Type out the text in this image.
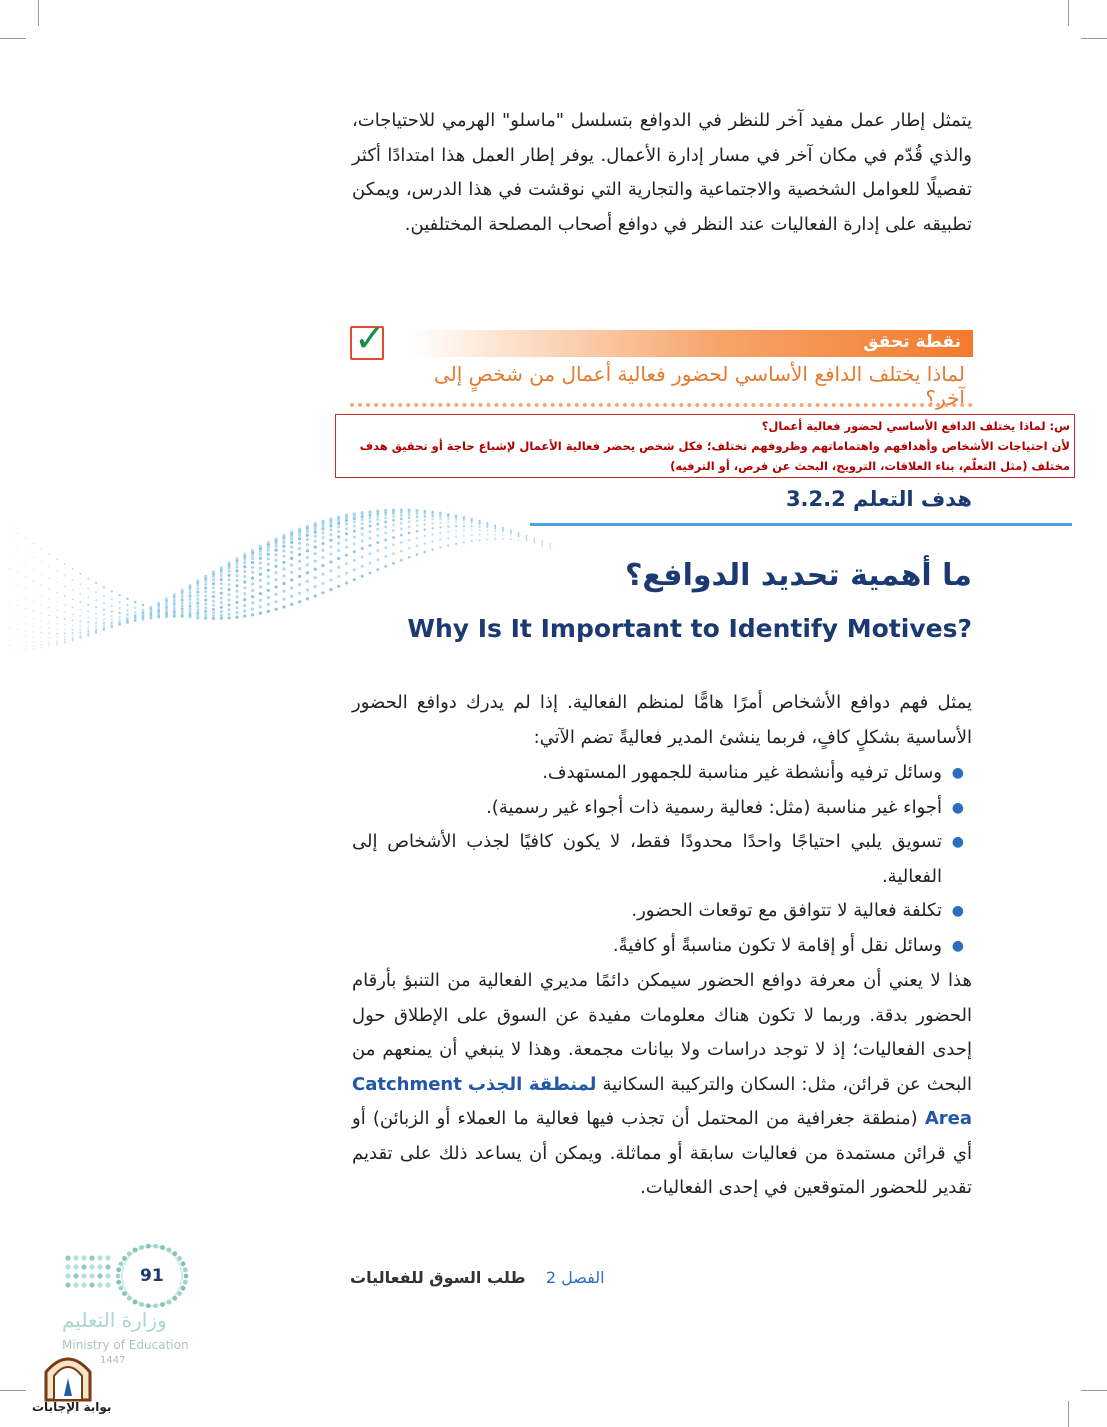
يتمثل إطار عمل مفيد آخر للنظر في الدوافع بتسلسل "ماسلو" الهرمي للاحتياجات، والذي قُدّم في مكان آخر في مسار إدارة الأعمال. يوفر إطار العمل هذا امتدادًا أكثر تفصيلًا للعوامل الشخصية والاجتماعية والتجارية التي نوقشت في هذا الدرس، ويمكن تطبيقه على إدارة الفعاليات عند النظر في دوافع أصحاب المصلحة المختلفين.

✓	نقطة تحقق
لماذا يختلف الدافع الأساسي لحضور فعالية أعمال من شخصٍ إلى آخر؟
س: لماذا يختلف الدافع الأساسي لحضور فعالية أعمال؟
لأن احتياجات الأشخاص وأهدافهم واهتماماتهم وظروفهم تختلف؛ فكل شخص يحضر فعالية الأعمال لإشباع حاجة أو تحقيق هدف مختلف (مثل التعلّم، بناء العلاقات، الترويج، البحث عن فرص، أو الترفيه)
هدف التعلم 3.2.2
ما أهمية تحديد الدوافع؟
Why Is It Important to Identify Motives?

يمثل فهم دوافع الأشخاص أمرًا هامًّا لمنظم الفعالية. إذا لم يدرك دوافع الحضور الأساسية بشكلٍ كافٍ، فربما ينشئ المدير فعاليةً تضم الآتي:

●
وسائل ترفيه وأنشطة غير مناسبة للجمهور المستهدف.
●
أجواء غير مناسبة (مثل: فعالية رسمية ذات أجواء غير رسمية).
●
تسويق يلبي احتياجًا واحدًا محدودًا فقط، لا يكون كافيًا لجذب الأشخاص إلى الفعالية.
●
تكلفة فعالية لا تتوافق مع توقعات الحضور.
●
وسائل نقل أو إقامة لا تكون مناسبةً أو كافيةً.

هذا لا يعني أن معرفة دوافع الحضور سيمكن دائمًا مديري الفعالية من التنبؤ بأرقام الحضور بدقة. وربما لا تكون هناك معلومات مفيدة عن السوق على الإطلاق حول إحدى الفعاليات؛ إذ لا توجد دراسات ولا بيانات مجمعة. وهذا لا ينبغي أن يمنعهم من البحث عن قرائن، مثل: السكان والتركيبة السكانية لمنطقة الجذب Catchment Area (منطقة جغرافية من المحتمل أن تجذب فيها فعالية ما العملاء أو الزبائن) أو أي قرائن مستمدة من فعاليات سابقة أو مماثلة. ويمكن أن يساعد ذلك على تقديم تقدير للحضور المتوقعين في إحدى الفعاليات.

الفصل 2    طلب السوق للفعاليات
91
وزارة التعليم
Ministry of Education
1447
بوابة الإجابات
